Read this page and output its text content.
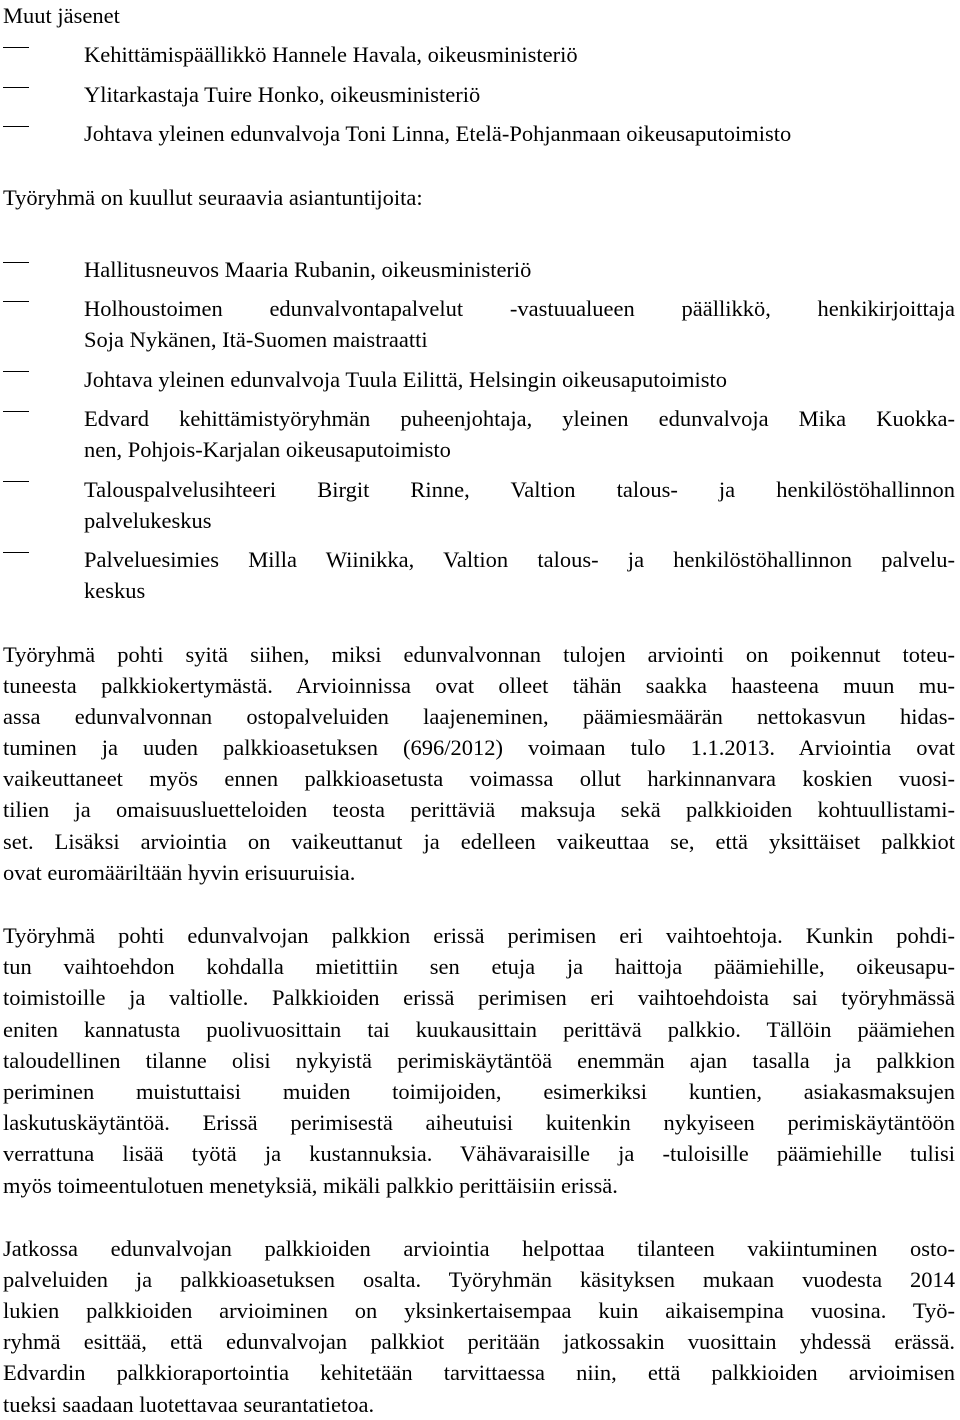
Muut jäsenet
Kehittämispäällikkö Hannele Havala, oikeusministeriö
Ylitarkastaja Tuire Honko, oikeusministeriö
Johtava yleinen edunvalvoja Toni Linna, Etelä-Pohjanmaan oikeusaputoimisto
Työryhmä on kuullut seuraavia asiantuntijoita:
Hallitusneuvos Maaria Rubanin, oikeusministeriö
Holhoustoimen edunvalvontapalvelut -vastuualueen päällikkö, henkikirjoittaja
Soja Nykänen, Itä-Suomen maistraatti
Johtava yleinen edunvalvoja Tuula Eilittä, Helsingin oikeusaputoimisto
Edvard kehittämistyöryhmän puheenjohtaja, yleinen edunvalvoja Mika Kuokka-
nen, Pohjois-Karjalan oikeusaputoimisto
Talouspalvelusihteeri Birgit Rinne, Valtion talous- ja henkilöstöhallinnon
palvelukeskus
Palveluesimies Milla Wiinikka, Valtion talous- ja henkilöstöhallinnon palvelu-
keskus
Työryhmä pohti syitä siihen, miksi edunvalvonnan tulojen arviointi on poikennut toteu-
tuneesta palkkiokertymästä. Arvioinnissa ovat olleet tähän saakka haasteena muun mu-
assa edunvalvonnan ostopalveluiden laajeneminen, päämiesmäärän nettokasvun hidas-
tuminen ja uuden palkkioasetuksen (696/2012) voimaan tulo 1.1.2013. Arviointia ovat
vaikeuttaneet myös ennen palkkioasetusta voimassa ollut harkinnanvara koskien vuosi-
tilien ja omaisuusluetteloiden teosta perittäviä maksuja sekä palkkioiden kohtuullistami-
set. Lisäksi arviointia on vaikeuttanut ja edelleen vaikeuttaa se, että yksittäiset palkkiot
ovat euromääriltään hyvin erisuuruisia.
Työryhmä pohti edunvalvojan palkkion erissä perimisen eri vaihtoehtoja. Kunkin pohdi-
tun vaihtoehdon kohdalla mietittiin sen etuja ja haittoja päämiehille, oikeusapu-
toimistoille ja valtiolle. Palkkioiden erissä perimisen eri vaihtoehdoista sai työryhmässä
eniten kannatusta puolivuosittain tai kuukausittain perittävä palkkio. Tällöin päämiehen
taloudellinen tilanne olisi nykyistä perimiskäytäntöä enemmän ajan tasalla ja palkkion
periminen muistuttaisi muiden toimijoiden, esimerkiksi kuntien, asiakasmaksujen
laskutuskäytäntöä. Erissä perimisestä aiheutuisi kuitenkin nykyiseen perimiskäytäntöön
verrattuna lisää työtä ja kustannuksia. Vähävaraisille ja -tuloisille päämiehille tulisi
myös toimeentulotuen menetyksiä, mikäli palkkio perittäisiin erissä.
Jatkossa edunvalvojan palkkioiden arviointia helpottaa tilanteen vakiintuminen osto-
palveluiden ja palkkioasetuksen osalta. Työryhmän käsityksen mukaan vuodesta 2014
lukien palkkioiden arvioiminen on yksinkertaisempaa kuin aikaisempina vuosina. Työ-
ryhmä esittää, että edunvalvojan palkkiot peritään jatkossakin vuosittain yhdessä erässä.
Edvardin palkkioraportointia kehitetään tarvittaessa niin, että palkkioiden arvioimisen
tueksi saadaan luotettavaa seurantatietoa.
